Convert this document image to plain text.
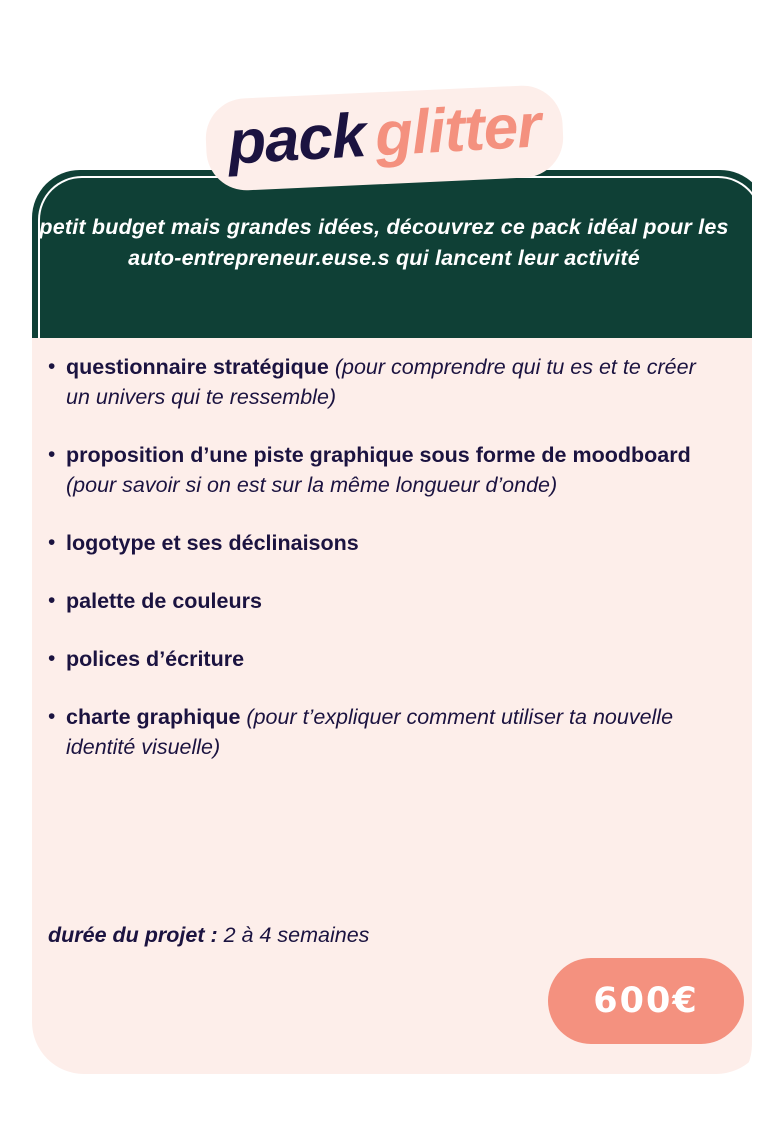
packglitter
petit budget mais grandes idées, découvrez ce pack idéal pour les auto-entrepreneur.euse.s qui lancent leur activité
• questionnaire stratégique (pour comprendre qui tu es et te créer un univers qui te ressemble)
• proposition d’une piste graphique sous forme de moodboard (pour savoir si on est sur la même longueur d’onde)
• logotype et ses déclinaisons
• palette de couleurs
• polices d’écriture
• charte graphique (pour t’expliquer comment utiliser ta nouvelle identité visuelle)
durée du projet : 2 à 4 semaines
600€
